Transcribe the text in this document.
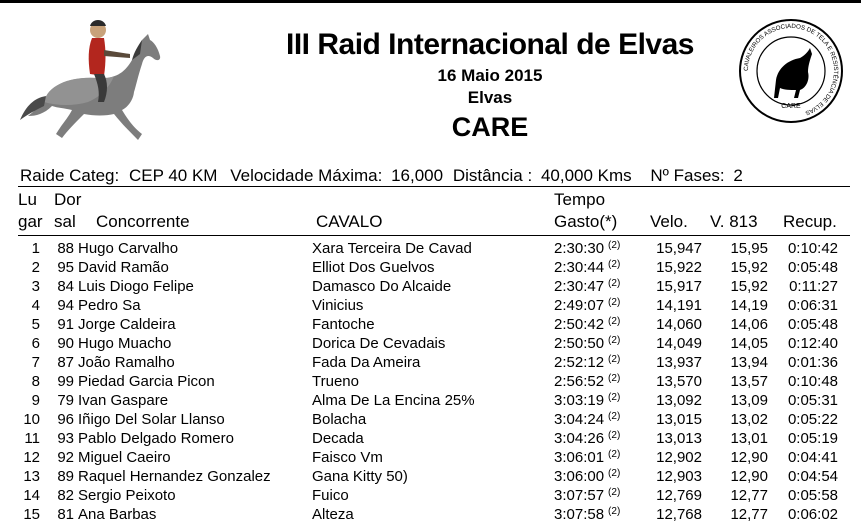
III Raid Internacional de Elvas
16 Maio 2015
Elvas
CARE
CAVALEIROS ASSOCIADOS DE TELA E RESISTÊNCIA DE ELVAS
CARE
Raide Categ: CEP 40 KM Velocidade Máxima: 16,000 Distância : 40,000 Kms Nº Fases: 2
Lu
gar
Dor
sal Concorrente	CAVALO
Tempo
Gasto(*) Velo. V. 813 Recup.
1	88 Hugo Carvalho	Xara Terceira De Cavad	2:30:30 $^{(2)}$	15,947	15,95	0:10:42
2	95 David Ramão	Elliot Dos Guelvos	2:30:44 $^{(2)}$	15,922	15,92	0:05:48
3	84 Luis Diogo Felipe	Damasco Do Alcaide	2:30:47 $^{(2)}$	15,917	15,92	0:11:27
4	94 Pedro Sa	Vinicius	2:49:07 $^{(2)}$	14,191	14,19	0:06:31
5	91 Jorge Caldeira	Fantoche	2:50:42 $^{(2)}$	14,060	14,06	0:05:48
6	90 Hugo Muacho	Dorica De Cevadais	2:50:50 $^{(2)}$	14,049	14,05	0:12:40
7	87 João Ramalho	Fada Da Ameira	2:52:12 $^{(2)}$	13,937	13,94	0:01:36
8	99 Piedad Garcia Picon	Trueno	2:56:52 $^{(2)}$	13,570	13,57	0:10:48
9	79 Ivan Gaspare	Alma De La Encina 25%	3:03:19 $^{(2)}$	13,092	13,09	0:05:31
10	96 Iñigo Del Solar Llanso	Bolacha	3:04:24 $^{(2)}$	13,015	13,02	0:05:22
11	93 Pablo Delgado Romero	Decada	3:04:26 $^{(2)}$	13,013	13,01	0:05:19
12	92 Miguel Caeiro	Faisco Vm	3:06:01 $^{(2)}$	12,902	12,90	0:04:41
13	89 Raquel Hernandez Gonzalez	Gana Kitty 50)	3:06:00 $^{(2)}$	12,903	12,90	0:04:54
14	82 Sergio Peixoto	Fuico	3:07:57 $^{(2)}$	12,769	12,77	0:05:58
15	81 Ana Barbas	Alteza	3:07:58 $^{(2)}$	12,768	12,77	0:06:02
